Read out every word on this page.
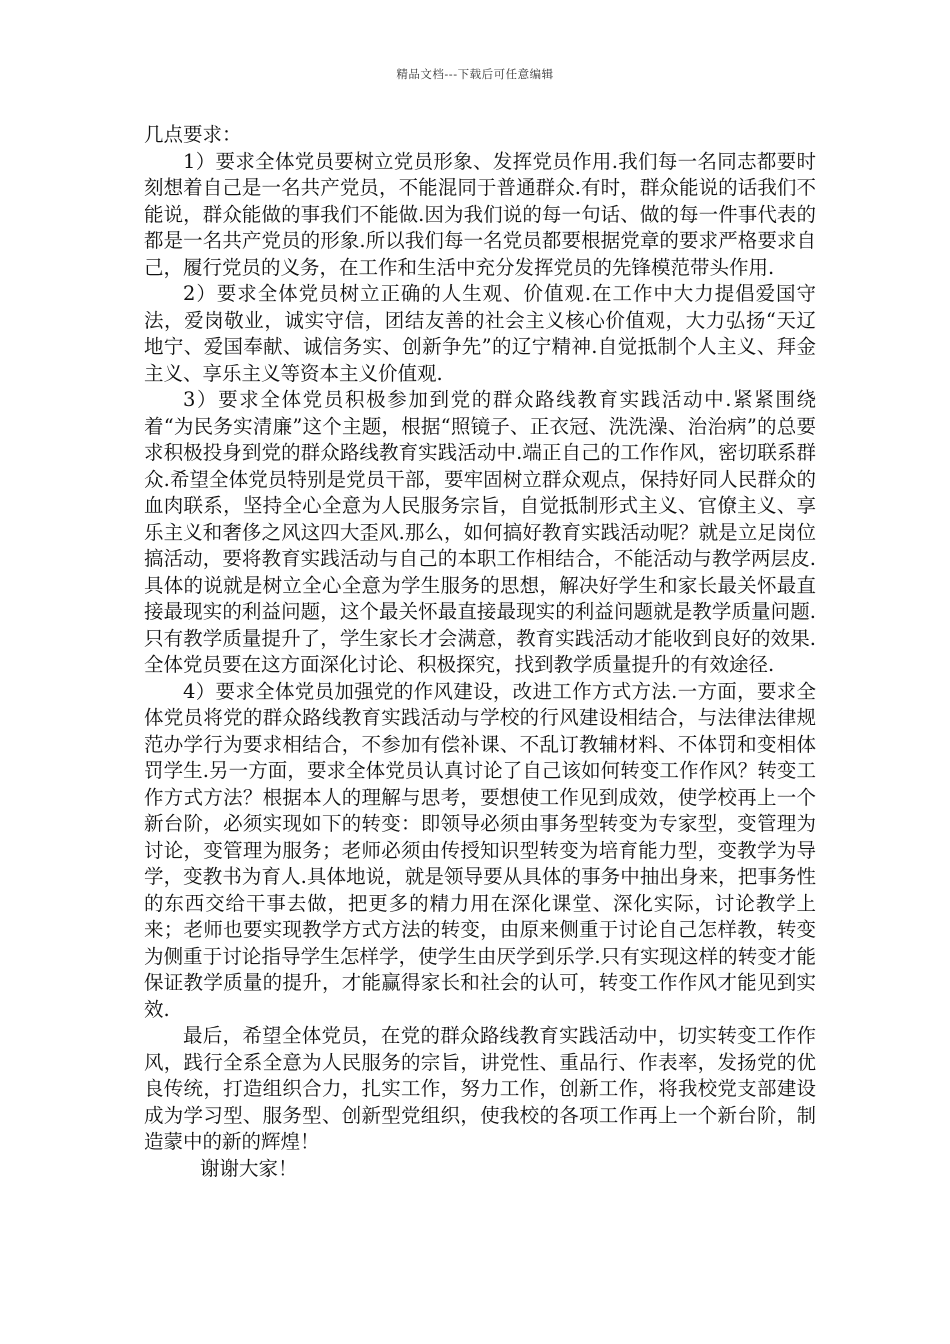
精品文档---下载后可任意编辑

几点要求：

1）要求全体党员要树立党员形象、发挥党员作用.我们每一名同志都要时刻想着自己是一名共产党员，不能混同于普通群众.有时，群众能说的话我们不能说，群众能做的事我们不能做.因为我们说的每一句话、做的每一件事代表的都是一名共产党员的形象.所以我们每一名党员都要根据党章的要求严格要求自己，履行党员的义务，在工作和生活中充分发挥党员的先锋模范带头作用.

2）要求全体党员树立正确的人生观、价值观.在工作中大力提倡爱国守法，爱岗敬业，诚实守信，团结友善的社会主义核心价值观，大力弘扬“天辽地宁、爱国奉献、诚信务实、创新争先”的辽宁精神.自觉抵制个人主义、拜金主义、享乐主义等资本主义价值观.

3）要求全体党员积极参加到党的群众路线教育实践活动中.紧紧围绕着“为民务实清廉”这个主题，根据“照镜子、正衣冠、洗洗澡、治治病”的总要求积极投身到党的群众路线教育实践活动中.端正自己的工作作风，密切联系群众.希望全体党员特别是党员干部，要牢固树立群众观点，保持好同人民群众的血肉联系，坚持全心全意为人民服务宗旨，自觉抵制形式主义、官僚主义、享乐主义和奢侈之风这四大歪风.那么，如何搞好教育实践活动呢？就是立足岗位搞活动，要将教育实践活动与自己的本职工作相结合，不能活动与教学两层皮.具体的说就是树立全心全意为学生服务的思想，解决好学生和家长最关怀最直接最现实的利益问题，这个最关怀最直接最现实的利益问题就是教学质量问题.只有教学质量提升了，学生家长才会满意，教育实践活动才能收到良好的效果.全体党员要在这方面深化讨论、积极探究，找到教学质量提升的有效途径.

4）要求全体党员加强党的作风建设，改进工作方式方法.一方面，要求全体党员将党的群众路线教育实践活动与学校的行风建设相结合，与法律法律规范办学行为要求相结合，不参加有偿补课、不乱订教辅材料、不体罚和变相体罚学生.另一方面，要求全体党员认真讨论了自己该如何转变工作作风？转变工作方式方法？根据本人的理解与思考，要想使工作见到成效，使学校再上一个新台阶，必须实现如下的转变：即领导必须由事务型转变为专家型，变管理为讨论，变管理为服务；老师必须由传授知识型转变为培育能力型，变教学为导学，变教书为育人.具体地说，就是领导要从具体的事务中抽出身来，把事务性的东西交给干事去做，把更多的精力用在深化课堂、深化实际，讨论教学上来；老师也要实现教学方式方法的转变，由原来侧重于讨论自己怎样教，转变为侧重于讨论指导学生怎样学，使学生由厌学到乐学.只有实现这样的转变才能保证教学质量的提升，才能赢得家长和社会的认可，转变工作作风才能见到实效.

最后，希望全体党员，在党的群众路线教育实践活动中，切实转变工作作风，践行全系全意为人民服务的宗旨，讲党性、重品行、作表率，发扬党的优良传统，打造组织合力，扎实工作，努力工作，创新工作，将我校党支部建设成为学习型、服务型、创新型党组织，使我校的各项工作再上一个新台阶，制造蒙中的新的辉煌！

谢谢大家！
